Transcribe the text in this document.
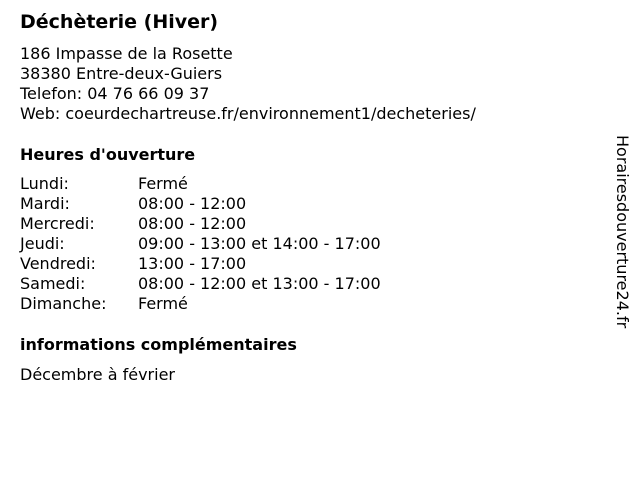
Déchèterie (Hiver)
186 Impasse de la Rosette
38380 Entre-deux-Guiers
Telefon: 04 76 66 09 37
Web: coeurdechartreuse.fr/environnement1/decheteries/
Heures d'ouverture
Lundi:	Fermé
Mardi:	08:00 - 12:00
Mercredi:	08:00 - 12:00
Jeudi:	09:00 - 13:00 et 14:00 - 17:00
Vendredi:	13:00 - 17:00
Samedi:	08:00 - 12:00 et 13:00 - 17:00
Dimanche: Fermé
informations complémentaires
Décembre à février
Horairesdouverture24.fr
